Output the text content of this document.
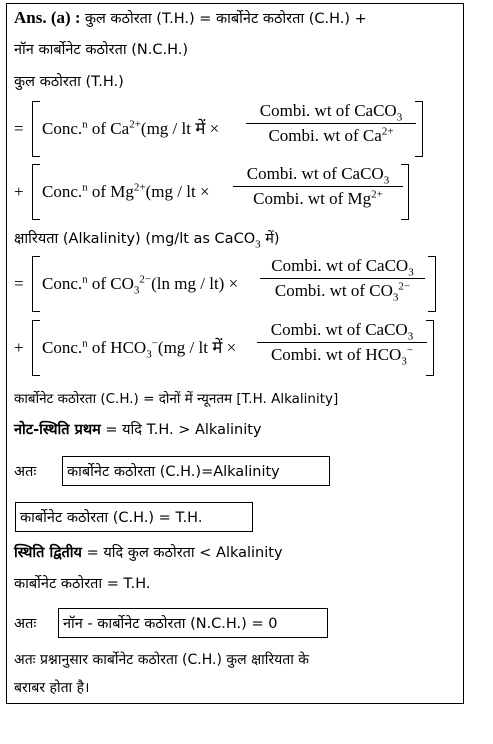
Ans. (a) : कुल कठोरता (T.H.) = कार्बोनेट कठोरता (C.H.) +
नॉन कार्बोनेट कठोरता (N.C.H.)
कुल कठोरता (T.H.)
= Conc.$^n$ of $Ca^{2+}(mg$ / lt में ×
Combi. wt of CaCO$_3$
Combi. wt of $Ca^{2+}$
+ Conc.$^n$ of $Mg^{2+}(mg$ / lt ×
Combi. wt of CaCO$_3$
Combi. wt of $Mg^{2+}$
क्षारियता (Alkalinity) (mg/lt as CaCO$_3$ में)
= Conc.$^n$ of $CO_3^{2-}(\ln$ mg / lt) ×
Combi. wt of CaCO$_3$
Combi. wt of $CO_3^{2-}$
+ Conc.$^n$ of $HCO_3^-(mg$ / lt में ×
Combi. wt of CaCO$_3$
Combi. wt of $HCO_3^-$
कार्बोनेट कठोरता (C.H.) = दोनों में न्यूनतम [T.H. Alkalinity]
नोट-स्थिति प्रथम = यदि T.H. > Alkalinity
अतः	कार्बोनेट कठोरता (C.H.)=Alkalinity
कार्बोनेट कठोरता (C.H.) = T.H.
स्थिति द्वितीय = यदि कुल कठोरता < Alkalinity
कार्बोनेट कठोरता = T.H.
अतः	नॉन - कार्बोनेट कठोरता (N.C.H.) = 0
अतः प्रश्नानुसार कार्बोनेट कठोरता (C.H.) कुल क्षारियता के
बराबर होता है।
